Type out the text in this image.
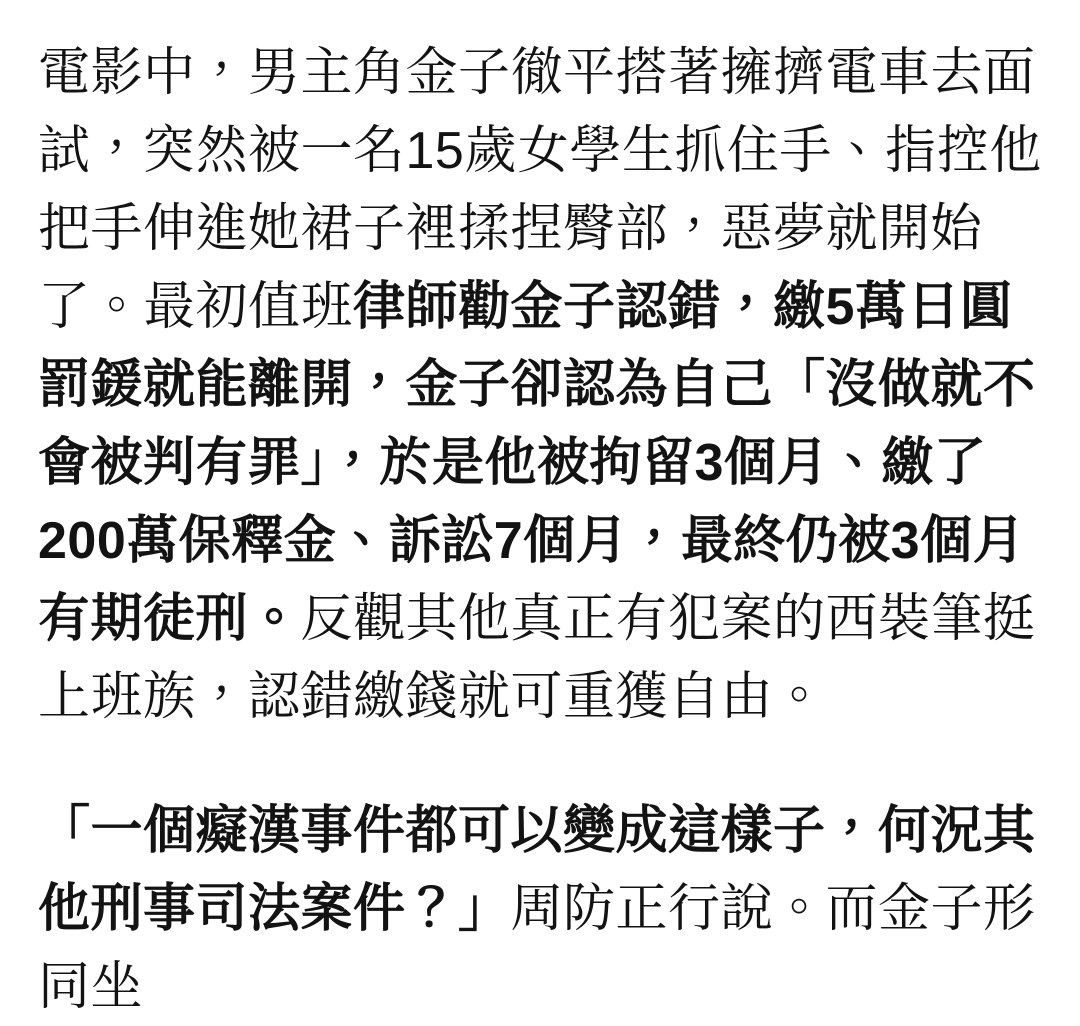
電影中，男主角金子徹平搭著擁擠電車去面試，突然被一名15歲女學生抓住手、指控他把手伸進她裙子裡揉捏臀部，惡夢就開始了。最初值班律師勸金子認錯，繳5萬日圓罰鍰就能離開，金子卻認為自己「沒做就不會被判有罪」，於是他被拘留3個月、繳了200萬保釋金、訴訟7個月，最終仍被3個月有期徒刑。反觀其他真正有犯案的西裝筆挺上班族，認錯繳錢就可重獲自由。

「一個癡漢事件都可以變成這樣子，何況其他刑事司法案件？」周防正行說。而金子形同坐
